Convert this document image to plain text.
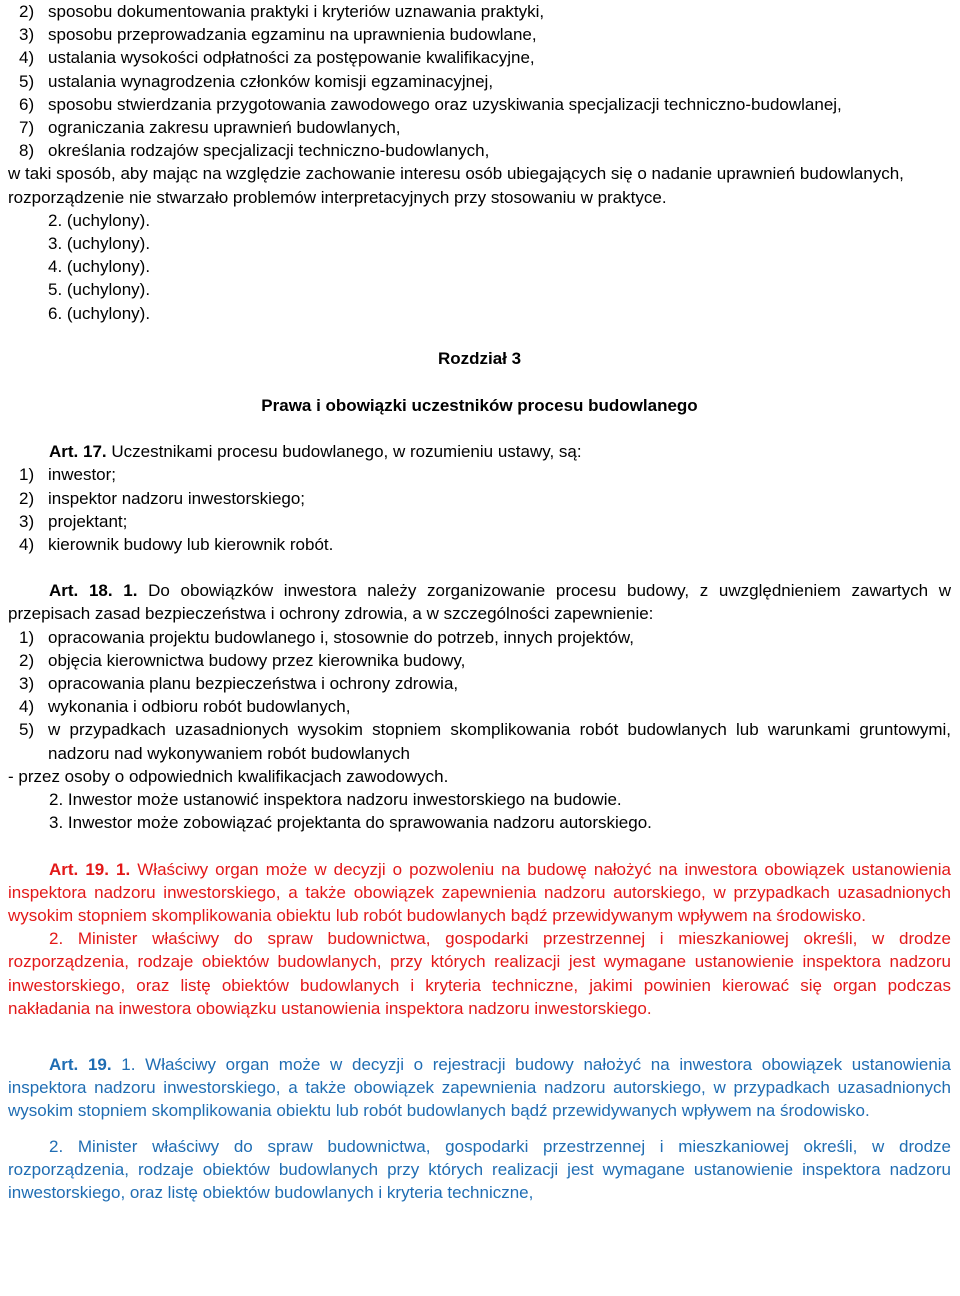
2) sposobu dokumentowania praktyki i kryteriów uznawania praktyki,

3) sposobu przeprowadzania egzaminu na uprawnienia budowlane,

4) ustalania wysokości odpłatności za postępowanie kwalifikacyjne,

5) ustalania wynagrodzenia członków komisji egzaminacyjnej,

6) sposobu stwierdzania przygotowania zawodowego oraz uzyskiwania specjalizacji techniczno-budowlanej,

7) ograniczania zakresu uprawnień budowlanych,

8) określania rodzajów specjalizacji techniczno-budowlanych,

w taki sposób, aby mając na względzie zachowanie interesu osób ubiegających się o nadanie uprawnień budowlanych, rozporządzenie nie stwarzało problemów interpretacyjnych przy stosowaniu w praktyce.

2. (uchylony).

3. (uchylony).

4. (uchylony).

5. (uchylony).

6. (uchylony).

Rozdział 3

Prawa i obowiązki uczestników procesu budowlanego

Art. 17. Uczestnikami procesu budowlanego, w rozumieniu ustawy, są:

1) inwestor;

2) inspektor nadzoru inwestorskiego;

3) projektant;

4) kierownik budowy lub kierownik robót.

Art. 18. 1. Do obowiązków inwestora należy zorganizowanie procesu budowy, z uwzględnieniem zawartych w przepisach zasad bezpieczeństwa i ochrony zdrowia, a w szczególności zapewnienie:

1) opracowania projektu budowlanego i, stosownie do potrzeb, innych projektów,

2) objęcia kierownictwa budowy przez kierownika budowy,

3) opracowania planu bezpieczeństwa i ochrony zdrowia,

4) wykonania i odbioru robót budowlanych,

5) w przypadkach uzasadnionych wysokim stopniem skomplikowania robót budowlanych lub warunkami gruntowymi, nadzoru nad wykonywaniem robót budowlanych

- przez osoby o odpowiednich kwalifikacjach zawodowych.

2. Inwestor może ustanowić inspektora nadzoru inwestorskiego na budowie.

3. Inwestor może zobowiązać projektanta do sprawowania nadzoru autorskiego.

Art. 19. 1. Właściwy organ może w decyzji o pozwoleniu na budowę nałożyć na inwestora obowiązek ustanowienia inspektora nadzoru inwestorskiego, a także obowiązek zapewnienia nadzoru autorskiego, w przypadkach uzasadnionych wysokim stopniem skomplikowania obiektu lub robót budowlanych bądź przewidywanym wpływem na środowisko.

2. Minister właściwy do spraw budownictwa, gospodarki przestrzennej i mieszkaniowej określi, w drodze rozporządzenia, rodzaje obiektów budowlanych, przy których realizacji jest wymagane ustanowienie inspektora nadzoru inwestorskiego, oraz listę obiektów budowlanych i kryteria techniczne, jakimi powinien kierować się organ podczas nakładania na inwestora obowiązku ustanowienia inspektora nadzoru inwestorskiego.

Art. 19. 1. Właściwy organ może w decyzji o rejestracji budowy nałożyć na inwestora obowiązek ustanowienia inspektora nadzoru inwestorskiego, a także obowiązek zapewnienia nadzoru autorskiego, w przypadkach uzasadnionych wysokim stopniem skomplikowania obiektu lub robót budowlanych bądź przewidywanych wpływem na środowisko.

2. Minister właściwy do spraw budownictwa, gospodarki przestrzennej i mieszkaniowej określi, w drodze rozporządzenia, rodzaje obiektów budowlanych przy których realizacji jest wymagane ustanowienie inspektora nadzoru inwestorskiego, oraz listę obiektów budowlanych i kryteria techniczne,
